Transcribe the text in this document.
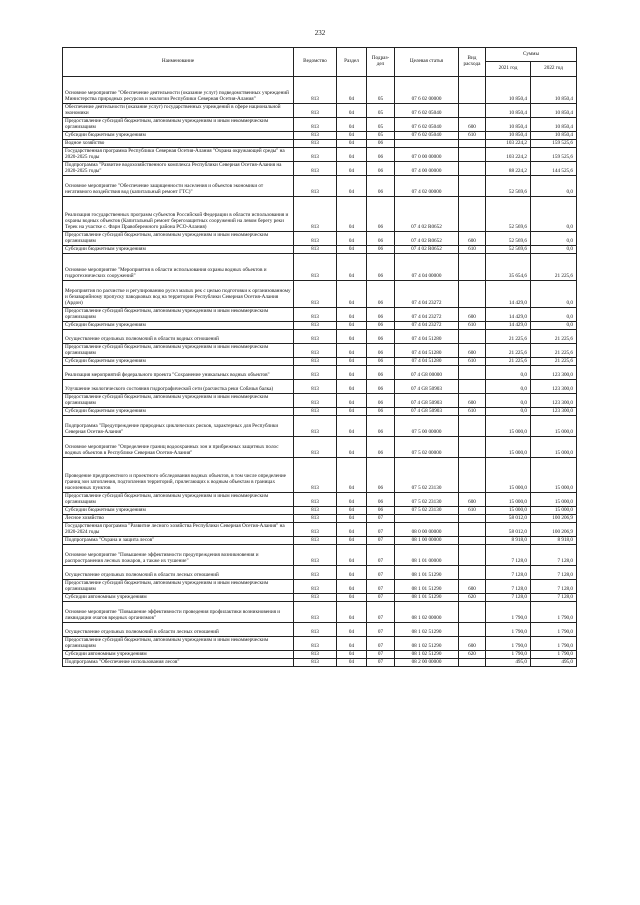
232
Наименование	Ведомство	Раздел	Подраз-дел	Целевая статья	Вид расхода	Суммы	
						2021 год	2022 год
Основное мероприятие "Обеспечение деятельности (оказание услуг) подведомственных учреждений Министерства природных ресурсов и экологии Республики Северная Осетия-Алания"	813	04	05	07 6 02 00000		10 850,4	10 850,4
Обеспечение деятельности (оказание услуг) государственных учреждений в сфере национальной экономики	813	04	05	07 6 02 05040		10 850,4	10 850,4
Предоставление субсидий бюджетным, автономным учреждениям и иным некоммерческим организациям	813	04	05	07 6 02 05040	600	10 850,4	10 850,4
Субсидии бюджетным учреждениям	813	04	05	07 6 02 05040	610	10 850,4	10 850,4
Водное хозяйство	813	04	06			103 224,2	159 525,6
Государственная программа Республики Северная Осетия-Алания "Охрана окружающей среды" на 2020-2025 годы	813	04	06	07 0 00 00000		103 224,2	159 525,6
Подпрограмма "Развитие водохозяйственного комплекса Республики Северная Осетия-Алания на 2020-2025 годы"	813	04	06	07 4 00 00000		88 224,2	144 525,6
Основное мероприятие "Обеспечение защищенности населения и объектов экономики от негативного воздействия вод (капитальный ремонт ГТС)"	813	04	06	07 4 02 00000		52 569,6	0,0
Реализация государственных программ субъектов Российской Федерации в области использования и охраны водных объектов (Капитальный ремонт берегозащитных сооружений на левом берегу реки Терек на участке с. Фарн Правобережного района РСО-Алания)	813	04	06	07 4 02 R0652		52 569,6	0,0
Предоставление субсидий бюджетным, автономным учреждениям и иным некоммерческим организациям	813	04	06	07 4 02 R0652	600	52 569,6	0,0
Субсидии бюджетным учреждениям	813	04	06	07 4 02 R0652	610	52 569,6	0,0
Основное мероприятие "Мероприятия в области использования охраны водных объектов и гидротехнических сооружений"	813	04	06	07 4 04 00000		35 654,6	21 225,6
Мероприятия по расчистке и регулированию русел малых рек с целью подготовки к организованному и безаварийному пропуску паводковых вод на территории Республики Северная Осетия-Алания (Ардон)	813	04	06	07 4 04 23272		14 429,0	0,0
Предоставление субсидий бюджетным, автономным учреждениям и иным некоммерческим организациям	813	04	06	07 4 04 23272	600	14 429,0	0,0
Субсидии бюджетным учреждениям	813	04	06	07 4 04 23272	610	14 429,0	0,0
Осуществление отдельных полномочий в области водных отношений	813	04	06	07 4 04 51280		21 225,6	21 225,6
Предоставление субсидий бюджетным, автономным учреждениям и иным некоммерческим организациям	813	04	06	07 4 04 51280	600	21 225,6	21 225,6
Субсидии бюджетным учреждениям	813	04	06	07 4 04 51280	610	21 225,6	21 225,6
Реализация мероприятий федерального проекта "Сохранение уникальных водных объектов"	813	04	06	07 4 G8 00000		0,0	123 300,0
Улучшение экологического состояния гидрографической сети (расчистка реки Собачья балка)	813	04	06	07 4 G8 50903		0,0	123 300,0
Предоставление субсидий бюджетным, автономным учреждениям и иным некоммерческим организациям	813	04	06	07 4 G8 50903	600	0,0	123 300,0
Субсидии бюджетным учреждениям	813	04	06	07 4 G8 50903	610	0,0	123 300,0
Подпрограмма "Предупреждение природных циклических рисков, характерных для Республики Северная Осетия-Алания"	813	04	06	07 5 00 00000		15 000,0	15 000,0
Основное мероприятие "Определение границ водоохранных зон и прибрежных защитных полос водных объектов в Республике Северная Осетия-Алания"	813	04	06	07 5 02 00000		15 000,0	15 000,0
Проведение предпроектного и проектного обследования водных объектов, в том числе определение границ зон затопления, подтопления территорий, прилегающих к водным объектам в границах населенных пунктов	813	04	06	07 5 02 23130		15 000,0	15 000,0
Предоставление субсидий бюджетным, автономным учреждениям и иным некоммерческим организациям	813	04	06	07 5 02 23130	600	15 000,0	15 000,0
Субсидии бюджетным учреждениям	813	04	06	07 5 02 23130	610	15 000,0	15 000,0
Лесное хозяйство	813	04	07			58 012,0	100 206,9
Государственная программа "Развитие лесного хозяйства Республики Северная Осетия-Алания" на 2020-2024 годы	813	04	07	08 0 00 00000		58 012,0	100 206,9
Подпрограмма "Охрана и защита лесов"	813	04	07	08 1 00 00000		8 918,0	8 918,0
Основное мероприятие "Повышение эффективности предупреждения возникновения и распространения лесных пожаров, а также их тушение"	813	04	07	08 1 01 00000		7 128,0	7 128,0
Осуществление отдельных полномочий в области лесных отношений	813	04	07	08 1 01 51290		7 128,0	7 128,0
Предоставление субсидий бюджетным, автономным учреждениям и иным некоммерческим организациям	813	04	07	08 1 01 51290	600	7 128,0	7 128,0
Субсидии автономным учреждениям	813	04	07	08 1 01 51290	620	7 128,0	7 128,0
Основное мероприятие "Повышение эффективности проведения профилактики возникновения и ликвидации очагов вредных организмов"	813	04	07	08 1 02 00000		1 790,0	1 790,0
Осуществление отдельных полномочий в области лесных отношений	813	04	07	08 1 02 51290		1 790,0	1 790,0
Предоставление субсидий бюджетным, автономным учреждениям и иным некоммерческим организациям	813	04	07	08 1 02 51290	600	1 790,0	1 790,0
Субсидии автономным учреждениям	813	04	07	08 1 02 51290	620	1 790,0	1 790,0
Подпрограмма "Обеспечение использования лесов"	813	04	07	08 2 00 00000		495,0	495,0
